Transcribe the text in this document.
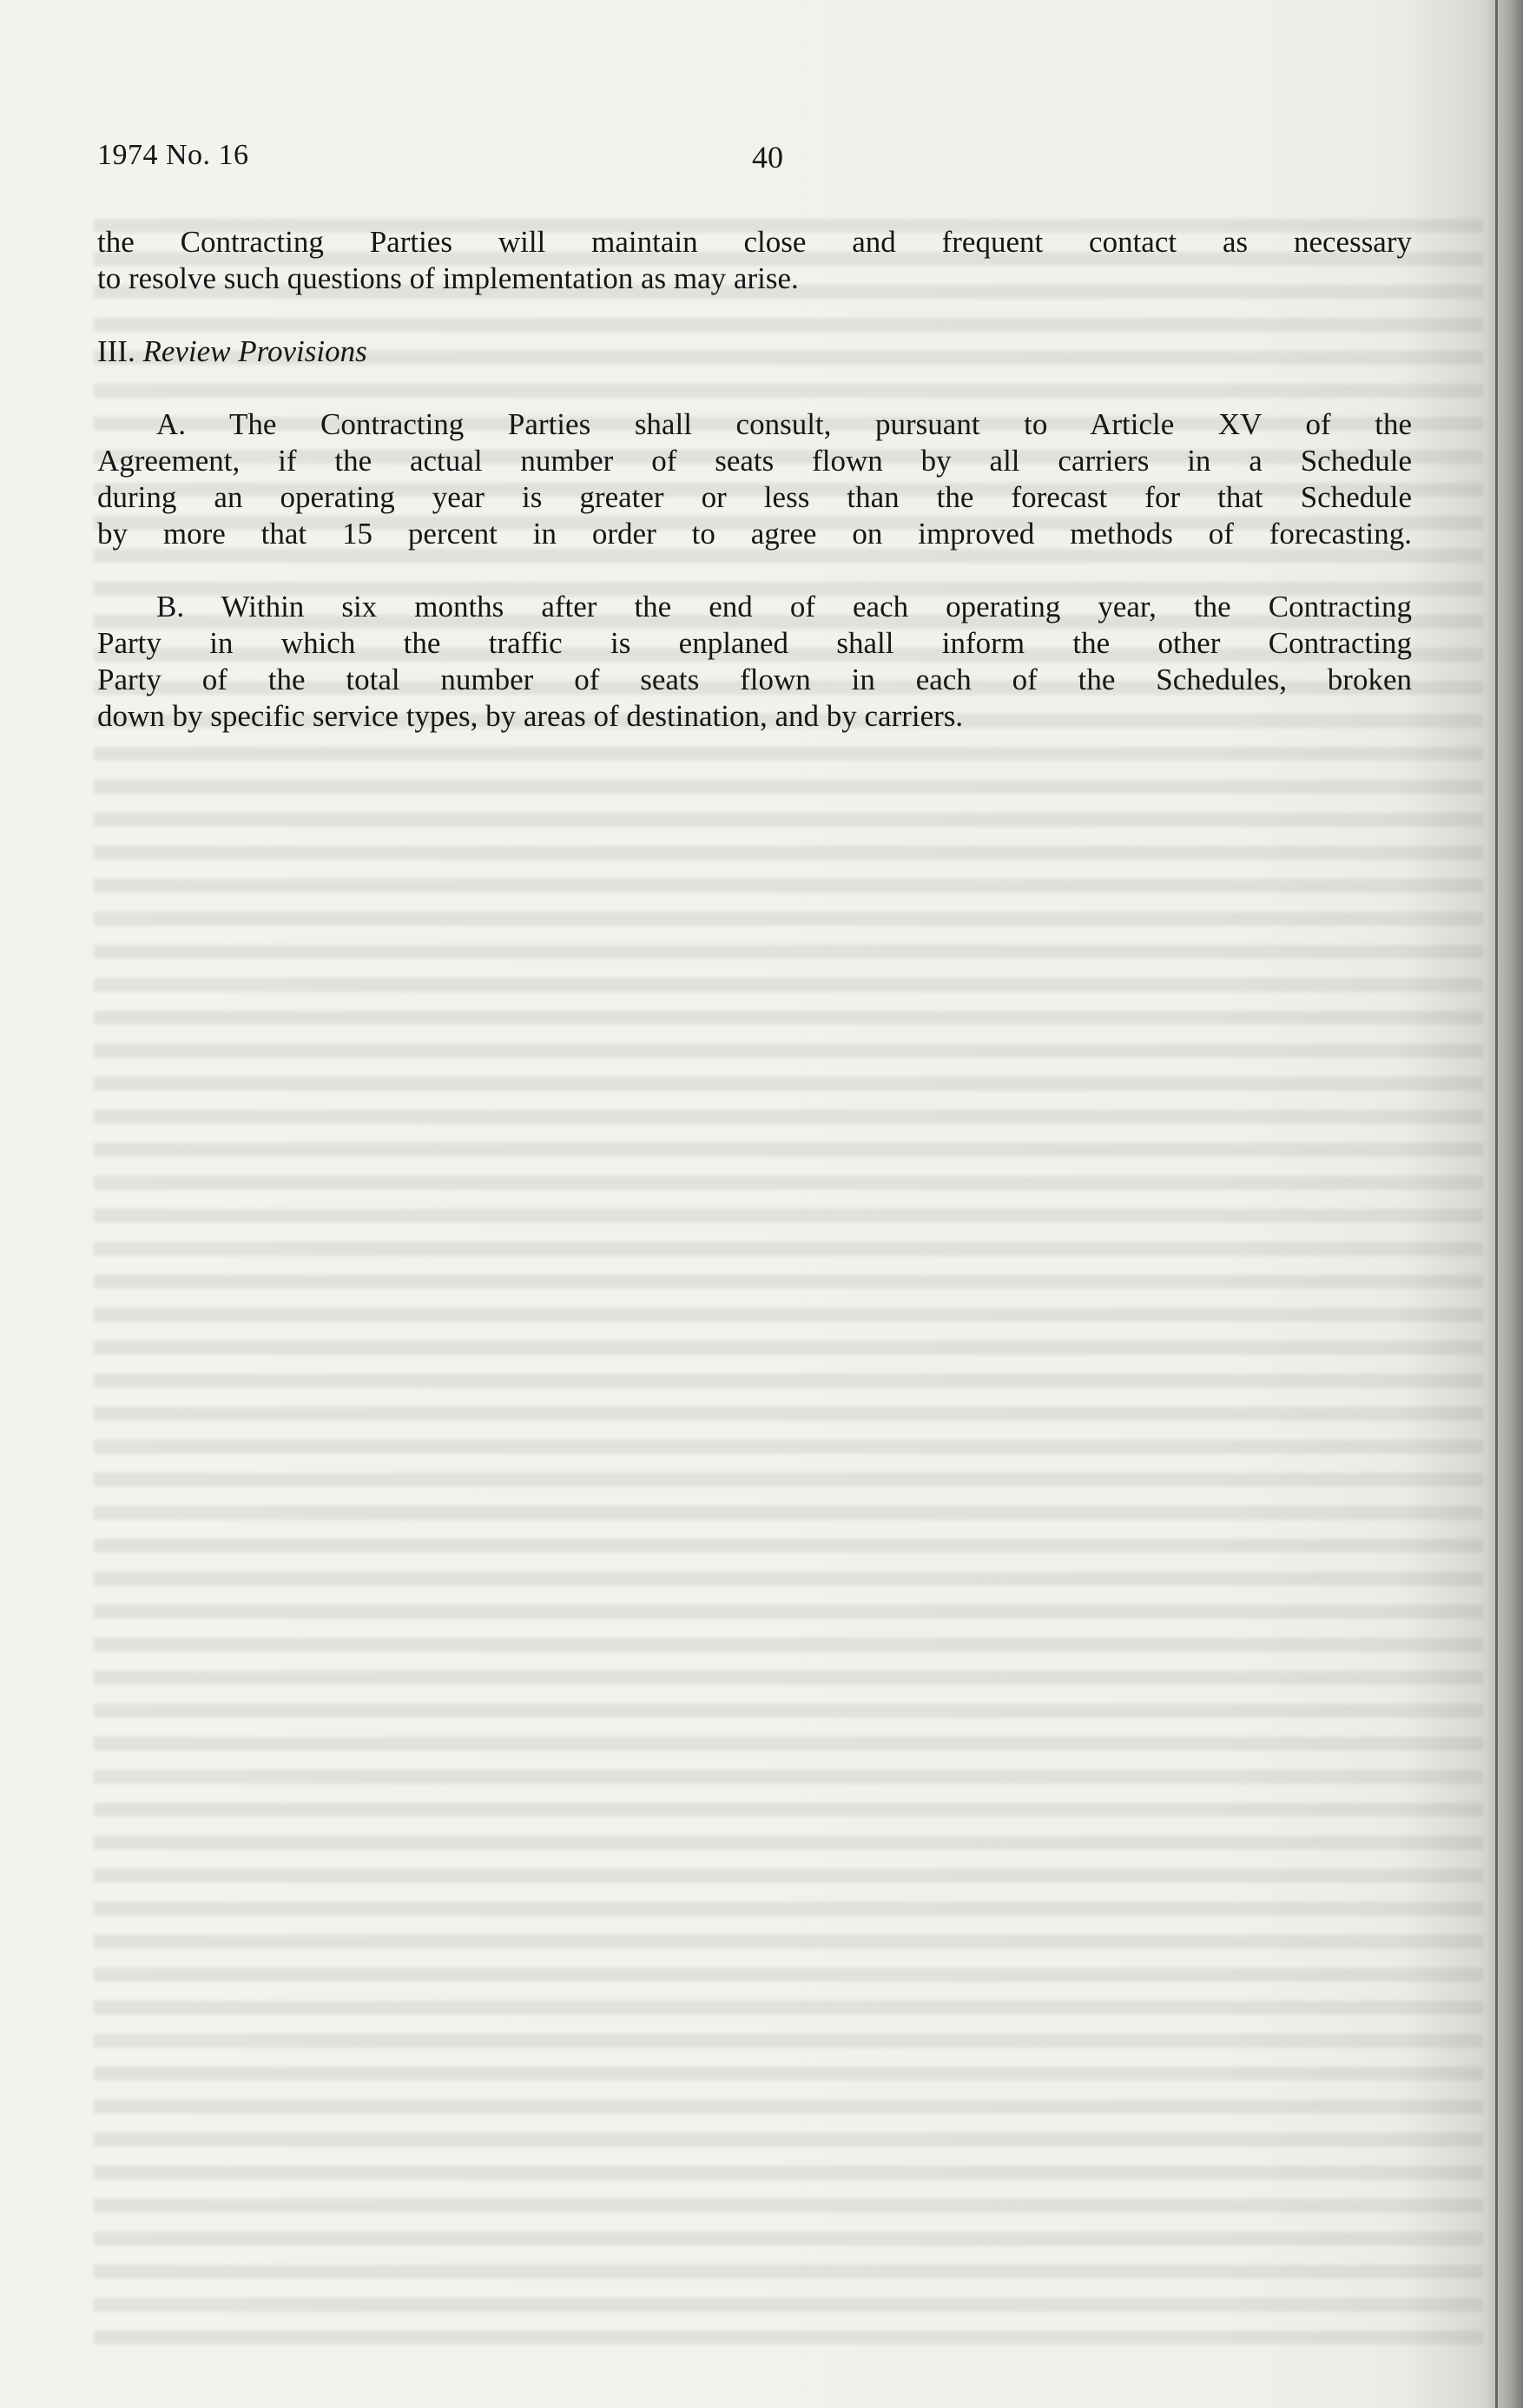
1974 No. 16	40

the Contracting Parties will maintain close and frequent contact as necessary
to resolve such questions of implementation as may arise.

III. Review Provisions

A. The Contracting Parties shall consult, pursuant to Article XV of the
Agreement, if the actual number of seats flown by all carriers in a Schedule
during an operating year is greater or less than the forecast for that Schedule
by more that 15 percent in order to agree on improved methods of forecasting.

B. Within six months after the end of each operating year, the Contracting
Party in which the traffic is enplaned shall inform the other Contracting
Party of the total number of seats flown in each of the Schedules, broken
down by specific service types, by areas of destination, and by carriers.
